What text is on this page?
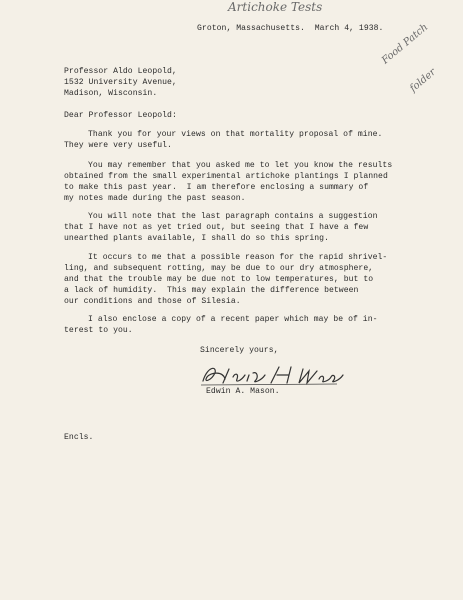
Artichoke Tests

Food Patch

folder

Groton, Massachusetts.  March 4, 1938.

Professor Aldo Leopold,

1532 University Avenue,

Madison, Wisconsin.

Dear Professor Leopold:

Thank you for your views on that mortality proposal of mine.

They were very useful.

You may remember that you asked me to let you know the results

obtained from the small experimental artichoke plantings I planned

to make this past year.  I am therefore enclosing a summary of

my notes made during the past season.

You will note that the last paragraph contains a suggestion

that I have not as yet tried out, but seeing that I have a few

unearthed plants available, I shall do so this spring.

It occurs to me that a possible reason for the rapid shrivel-

ling, and subsequent rotting, may be due to our dry atmosphere,

and that the trouble may be due not to low temperatures, but to

a lack of humidity.  This may explain the difference between

our conditions and those of Silesia.

I also enclose a copy of a recent paper which may be of in-

terest to you.

Sincerely yours,

Edwin A. Mason.

Encls.
